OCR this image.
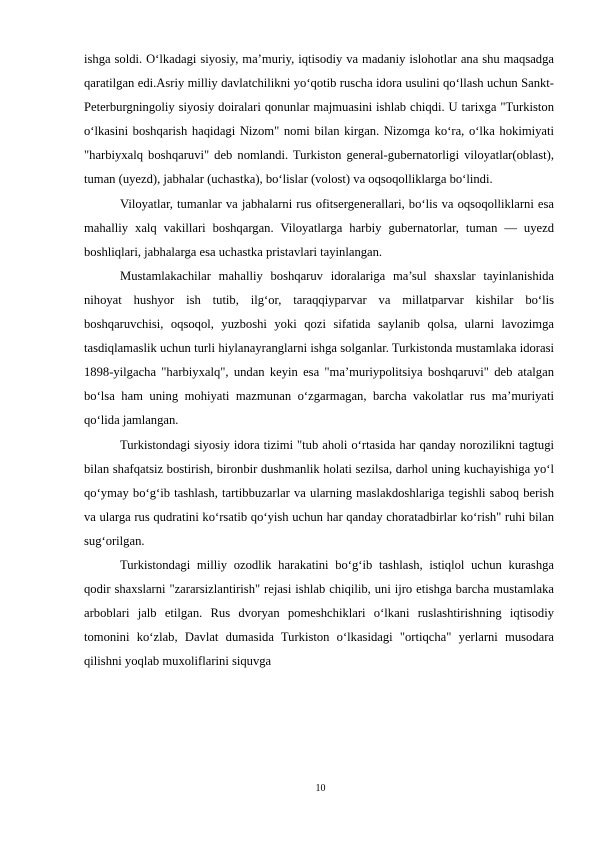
ishga soldi. O‘lkadagi siyosiy, ma’muriy, iqtisodiy va madaniy islohotlar ana shu maqsadga qaratilgan edi.Asriy milliy davlatchilikni yo‘qotib ruscha idora usulini qo‘llash uchun Sankt-Peterburgningoliy siyosiy doiralari qonunlar majmuasini ishlab chiqdi. U tarixga "Turkiston o‘lkasini boshqarish haqidagi Nizom" nomi bilan kirgan. Nizomga ko‘ra, o‘lka hokimiyati "harbiyxalq boshqaruvi" deb nomlandi. Turkiston general-gubernatorligi viloyatlar(oblast), tuman (uyezd), jabhalar (uchastka), bo‘lislar (volost) va oqsoqolliklarga bo‘lindi.

Viloyatlar, tumanlar va jabhalarni rus ofitsergenerallari, bo‘lis va oqsoqolliklarni esa mahalliy xalq vakillari boshqargan. Viloyatlarga harbiy gubernatorlar, tuman — uyezd boshliqlari, jabhalarga esa uchastka pristavlari tayinlangan.

Mustamlakachilar mahalliy boshqaruv idoralariga ma’sul shaxslar tayinlanishida nihoyat hushyor ish tutib, ilg‘or, taraqqiyparvar va millatparvar kishilar bo‘lis boshqaruvchisi, oqsoqol, yuzboshi yoki qozi sifatida saylanib qolsa, ularni lavozimga tasdiqlamaslik uchun turli hiylanayranglarni ishga solganlar. Turkistonda mustamlaka idorasi 1898-yilgacha "harbiyxalq", undan keyin esa "ma’muriypolitsiya boshqaruvi" deb atalgan bo‘lsa ham uning mohiyati mazmunan o‘zgarmagan, barcha vakolatlar rus ma’muriyati qo‘lida jamlangan.

Turkistondagi siyosiy idora tizimi "tub aholi o‘rtasida har qanday norozilikni tagtugi bilan shafqatsiz bostirish, bironbir dushmanlik holati sezilsa, darhol uning kuchayishiga yo‘l qo‘ymay bo‘g‘ib tashlash, tartibbuzarlar va ularning maslakdoshlariga tegishli saboq berish va ularga rus qudratini ko‘rsatib qo‘yish uchun har qanday choratadbirlar ko‘rish" ruhi bilan sug‘orilgan.

Turkistondagi milliy ozodlik harakatini bo‘g‘ib tashlash, istiqlol uchun kurashga qodir shaxslarni "zararsizlantirish" rejasi ishlab chiqilib, uni ijro etishga barcha mustamlaka arboblari jalb etilgan. Rus dvoryan pomeshchiklari o‘lkani ruslashtirishning iqtisodiy tomonini ko‘zlab, Davlat dumasida Turkiston o‘lkasidagi "ortiqcha" yerlarni musodara qilishni yoqlab muxoliflarini siquvga

10
